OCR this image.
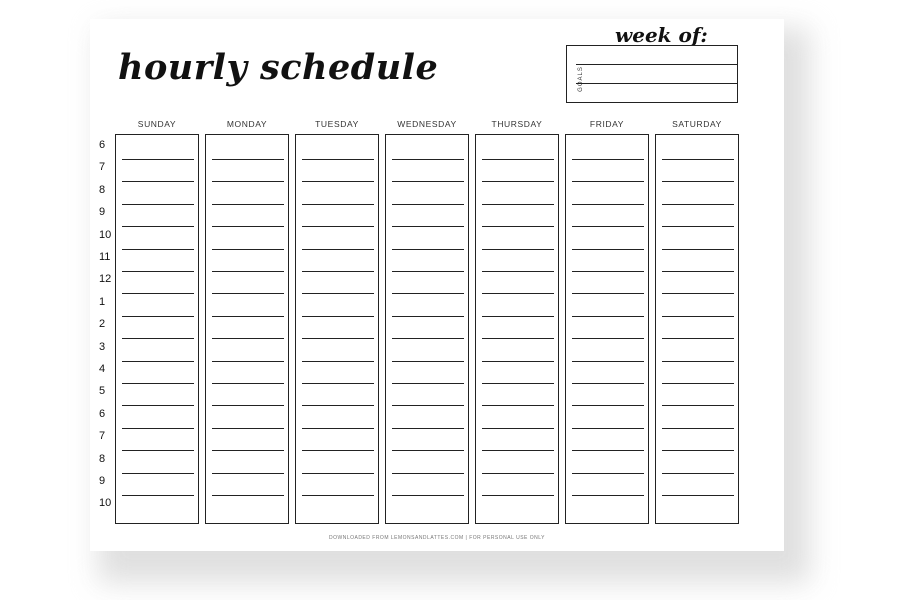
hourly schedule
week of:
GOALS
SUNDAY	MONDAY	TUESDAY	WEDNESDAY	THURSDAY	FRIDAY	SATURDAY
6
7
8
9
10
11
12
1
2
3
4
5
6
7
8
9
10
DOWNLOADED FROM LEMONSANDLATTES.COM | FOR PERSONAL USE ONLY
